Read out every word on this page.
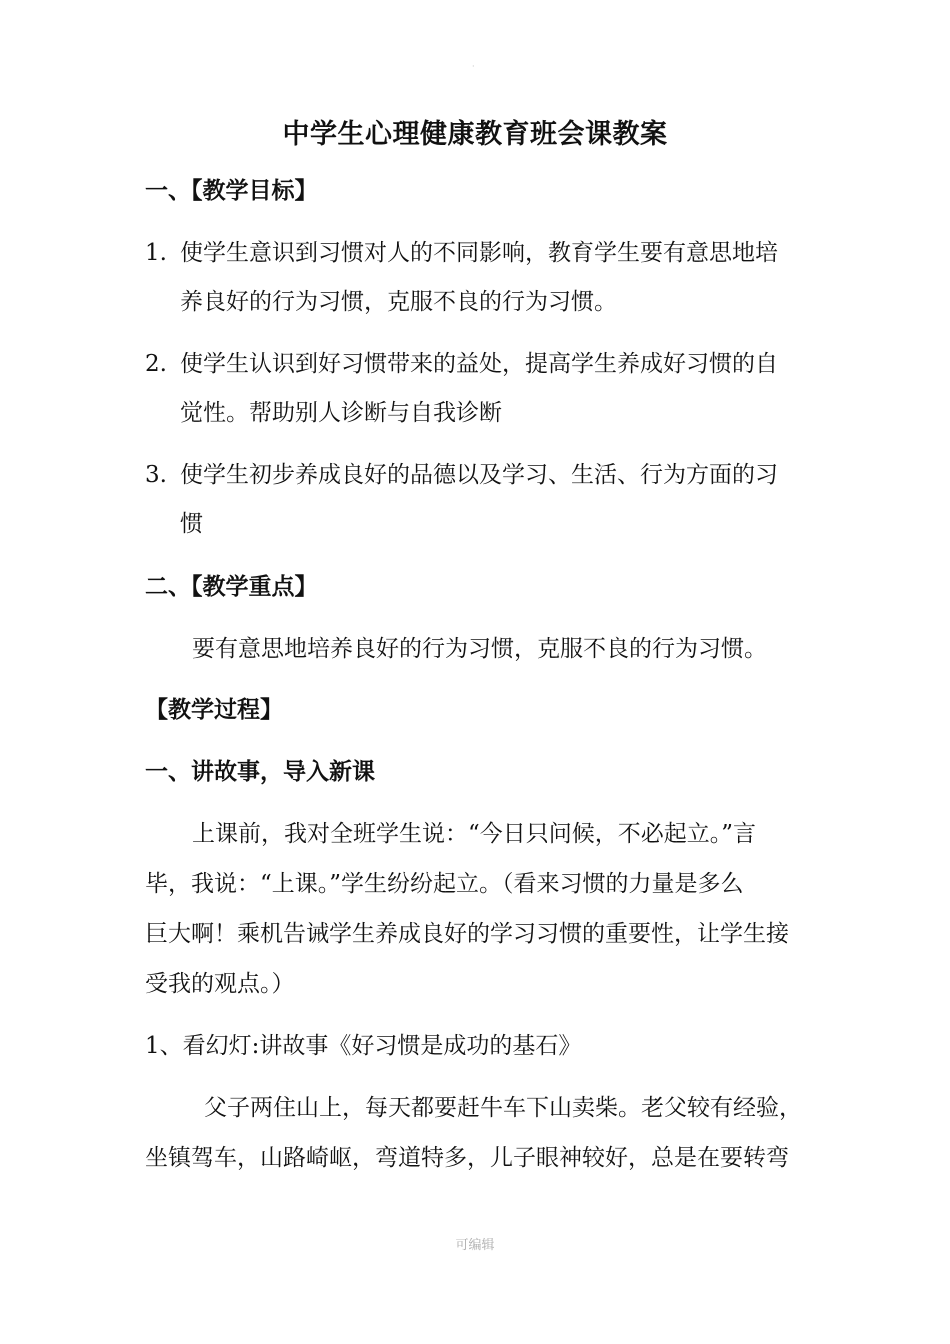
·
中学生心理健康教育班会课教案
一、【教学目标】
1. 使学生意识到习惯对人的不同影响，教育学生要有意思地培
养良好的行为习惯，克服不良的行为习惯。
2. 使学生认识到好习惯带来的益处，提高学生养成好习惯的自
觉性。帮助别人诊断与自我诊断
3. 使学生初步养成良好的品德以及学习、生活、行为方面的习
惯
二、【教学重点】
要有意思地培养良好的行为习惯，克服不良的行为习惯。
【教学过程】
一、讲故事，导入新课
上课前，我对全班学生说：“今日只问候，不必起立。”言
毕，我说：“上课。”学生纷纷起立。（看来习惯的力量是多么
巨大啊！乘机告诫学生养成良好的学习习惯的重要性，让学生接
受我的观点。）
1、看幻灯:讲故事《好习惯是成功的基石》
父子两住山上，每天都要赶牛车下山卖柴。老父较有经验，
坐镇驾车，山路崎岖，弯道特多，儿子眼神较好，总是在要转弯
可编辑
